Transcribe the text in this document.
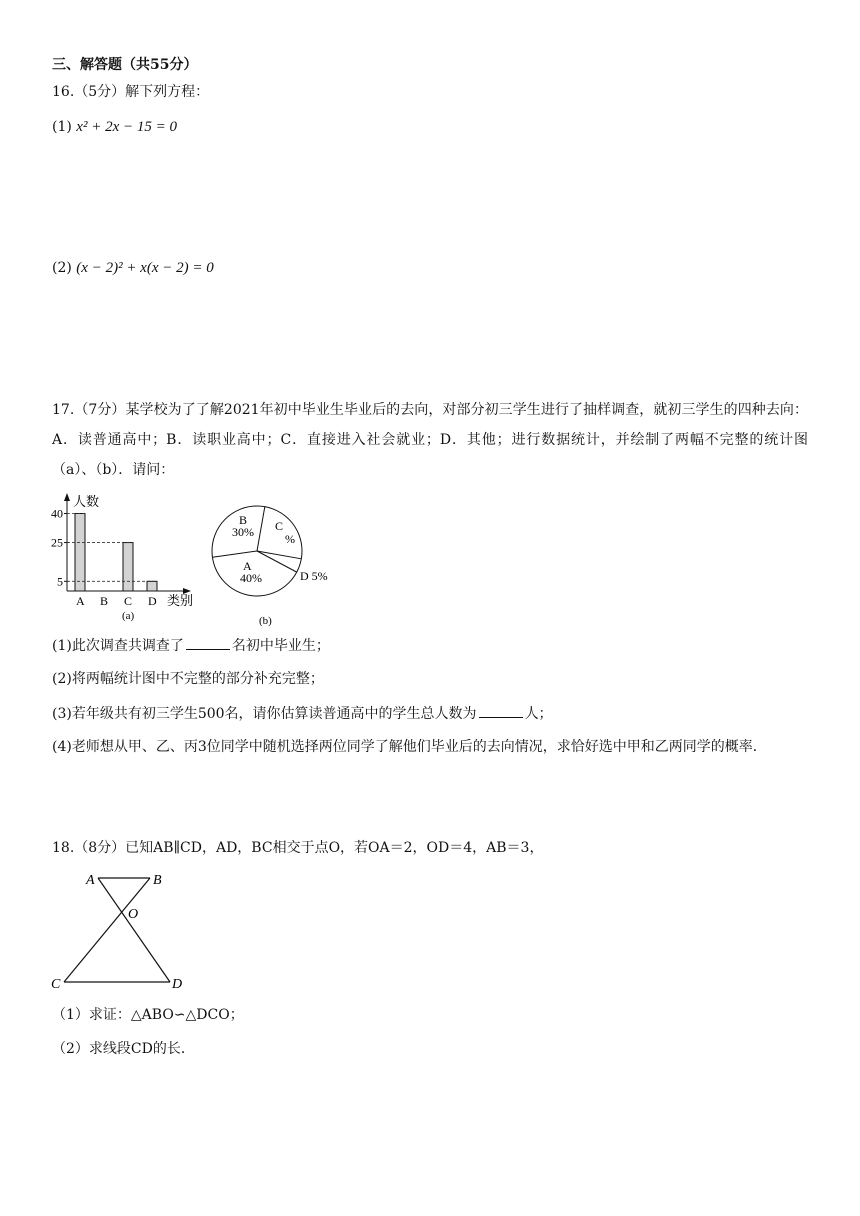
三、解答题（共55分）
16.（5分）解下列方程：
(1) x² + 2x − 15 = 0
(2) (x − 2)² + x(x − 2) = 0
17.（7分）某学校为了了解2021年初中毕业生毕业后的去向，对部分初三学生进行了抽样调查，就初三学生的四种去向：A．读普通高中；B．读职业高中；C．直接进入社会就业；D．其他；进行数据统计，并绘制了两幅不完整的统计图（a）、（b）．请问：
A B C D
5
25
40
人数
类别
(a)
A
40%	D 5%
C
%
B
30%
(b)
(1)此次调查共调查了	名初中毕业生；
(2)将两幅统计图中不完整的部分补充完整；
(3)若年级共有初三学生500名，请你估算读普通高中的学生总人数为	人；
(4)老师想从甲、乙、丙3位同学中随机选择两位同学了解他们毕业后的去向情况，求恰好选中甲和乙两同学的概率．
18.（8分）已知AB∥CD，AD，BC相交于点O，若OA＝2，OD＝4，AB＝3，
A	B
O
C	D
（1）求证：△ABO∽△DCO；
（2）求线段CD的长．
